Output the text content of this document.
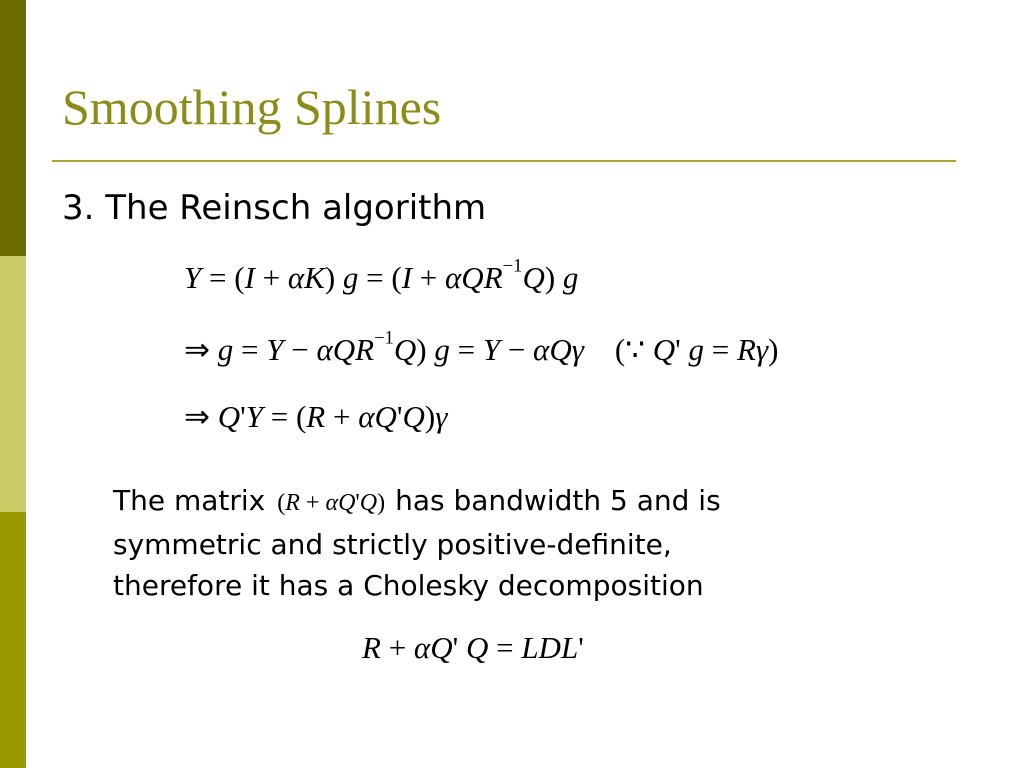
Smoothing Splines
3. The Reinsch algorithm
Y = (I + αK) g = (I + αQR$^{-1}$Q) g
⇒ g = Y − αQR$^{-1}$Q) g = Y − αQγ    (∵ Q' g = Rγ)
⇒ Q'Y = (R + αQ'Q)γ
The matrix (R + αQ'Q) has bandwidth 5 and is
symmetric and strictly positive-definite,
therefore it has a Cholesky decomposition
R + αQ' Q = LDL'
